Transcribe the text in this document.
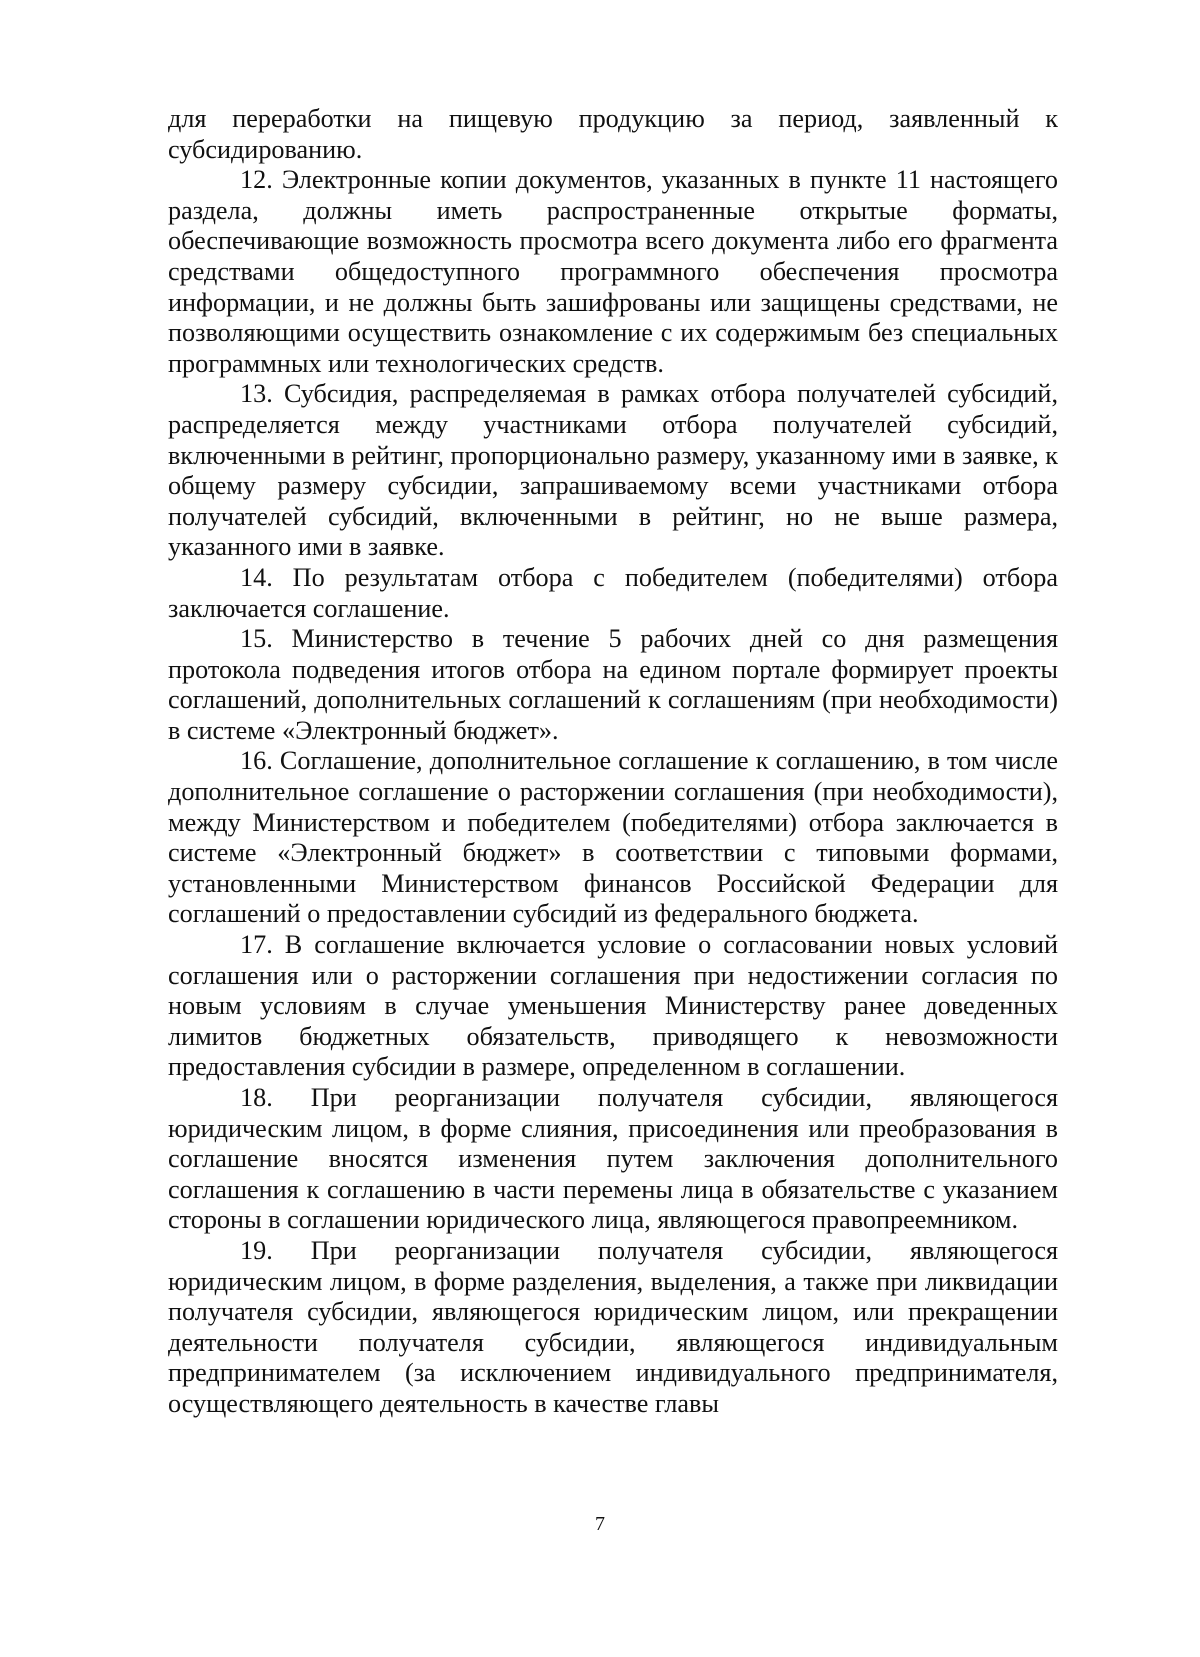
для переработки на пищевую продукцию за период, заявленный к субсидированию.

12. Электронные копии документов, указанных в пункте 11 настоящего раздела, должны иметь распространенные открытые форматы, обеспечивающие возможность просмотра всего документа либо его фрагмента средствами общедоступного программного обеспечения просмотра информации, и не должны быть зашифрованы или защищены средствами, не позволяющими осуществить ознакомление с их содержимым без специальных программных или технологических средств.

13. Субсидия, распределяемая в рамках отбора получателей субсидий, распределяется между участниками отбора получателей субсидий, включенными в рейтинг, пропорционально размеру, указанному ими в заявке, к общему размеру субсидии, запрашиваемому всеми участниками отбора получателей субсидий, включенными в рейтинг, но не выше размера, указанного ими в заявке.

14. По результатам отбора с победителем (победителями) отбора заключается соглашение.

15. Министерство в течение 5 рабочих дней со дня размещения протокола подведения итогов отбора на едином портале формирует проекты соглашений, дополнительных соглашений к соглашениям (при необходимости) в системе «Электронный бюджет».

16. Соглашение, дополнительное соглашение к соглашению, в том числе дополнительное соглашение о расторжении соглашения (при необходимости), между Министерством и победителем (победителями) отбора заключается в системе «Электронный бюджет» в соответствии с типовыми формами, установленными Министерством финансов Российской Федерации для соглашений о предоставлении субсидий из федерального бюджета.

17. В соглашение включается условие о согласовании новых условий соглашения или о расторжении соглашения при недостижении согласия по новым условиям в случае уменьшения Министерству ранее доведенных лимитов бюджетных обязательств, приводящего к невозможности предоставления субсидии в размере, определенном в соглашении.

18. При реорганизации получателя субсидии, являющегося юридическим лицом, в форме слияния, присоединения или преобразования в соглашение вносятся изменения путем заключения дополнительного соглашения к соглашению в части перемены лица в обязательстве с указанием стороны в соглашении юридического лица, являющегося правопреемником.

19. При реорганизации получателя субсидии, являющегося юридическим лицом, в форме разделения, выделения, а также при ликвидации получателя субсидии, являющегося юридическим лицом, или прекращении деятельности получателя субсидии, являющегося индивидуальным предпринимателем (за исключением индивидуального предпринимателя, осуществляющего деятельность в качестве главы

7
